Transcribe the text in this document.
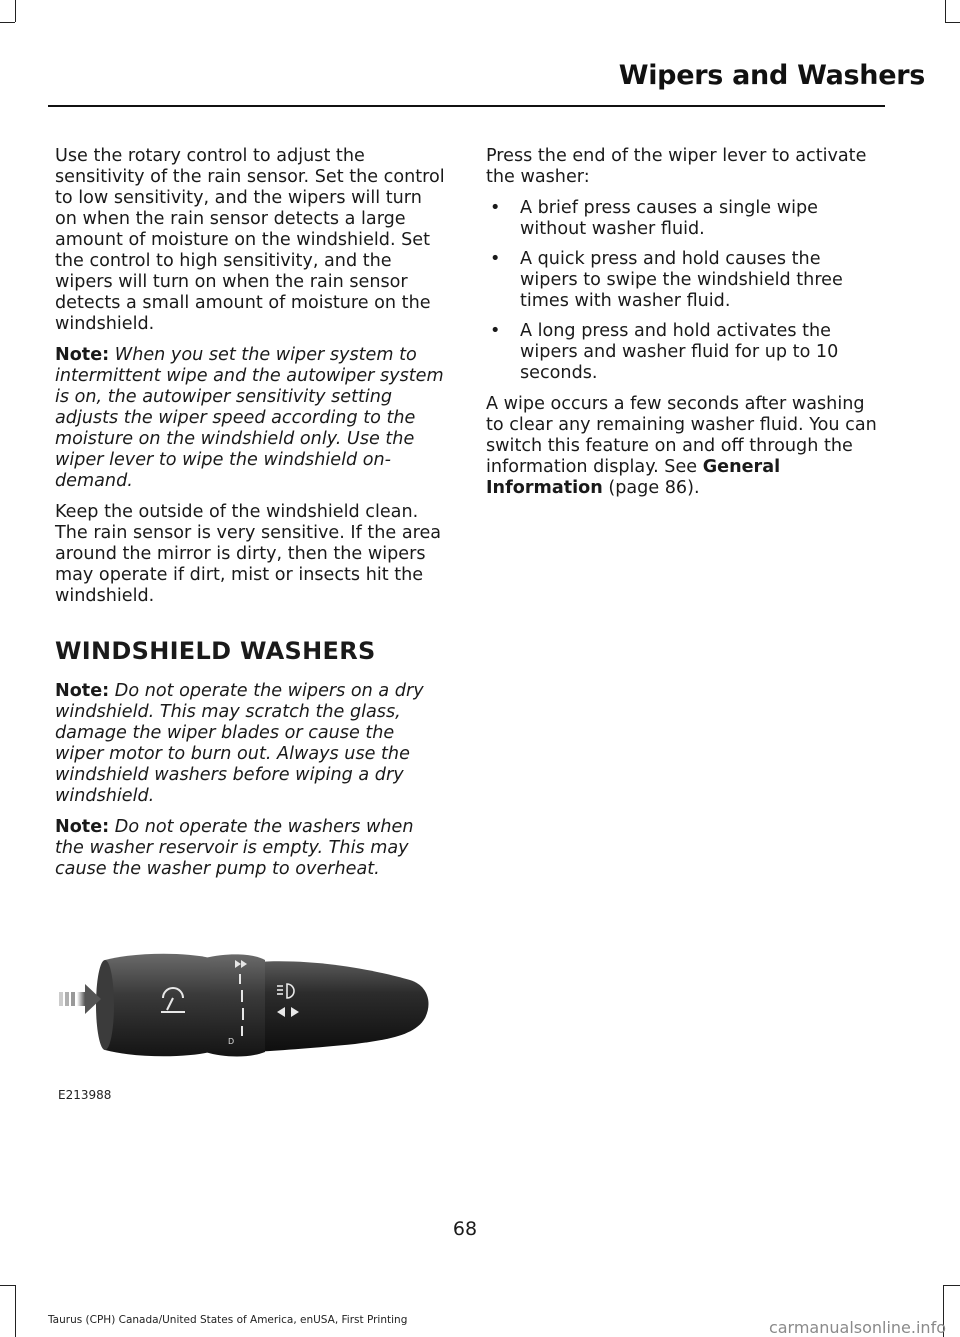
Wipers and Washers

Use the rotary control to adjust the sensitivity of the rain sensor. Set the control to low sensitivity, and the wipers will turn on when the rain sensor detects a large amount of moisture on the windshield. Set the control to high sensitivity, and the wipers will turn on when the rain sensor detects a small amount of moisture on the windshield.

Note: When you set the wiper system to intermittent wipe and the autowiper system is on, the autowiper sensitivity setting adjusts the wiper speed according to the moisture on the windshield only. Use the wiper lever to wipe the windshield on-demand.

Keep the outside of the windshield clean. The rain sensor is very sensitive. If the area around the mirror is dirty, then the wipers may operate if dirt, mist or insects hit the windshield.

WINDSHIELD WASHERS

Note: Do not operate the wipers on a dry windshield. This may scratch the glass, damage the wiper blades or cause the wiper motor to burn out. Always use the windshield washers before wiping a dry windshield.

Note: Do not operate the washers when the washer reservoir is empty. This may cause the washer pump to overheat.

Press the end of the wiper lever to activate the washer:

• A brief press causes a single wipe without washer fluid.
• A quick press and hold causes the wipers to swipe the windshield three times with washer fluid.
• A long press and hold activates the wipers and washer fluid for up to 10 seconds.

A wipe occurs a few seconds after washing to clear any remaining washer fluid. You can switch this feature on and off through the information display. See General Information (page 86).

D
E213988
68
Taurus (CPH) Canada/United States of America, enUSA, First Printing	carmanualsonline.info
